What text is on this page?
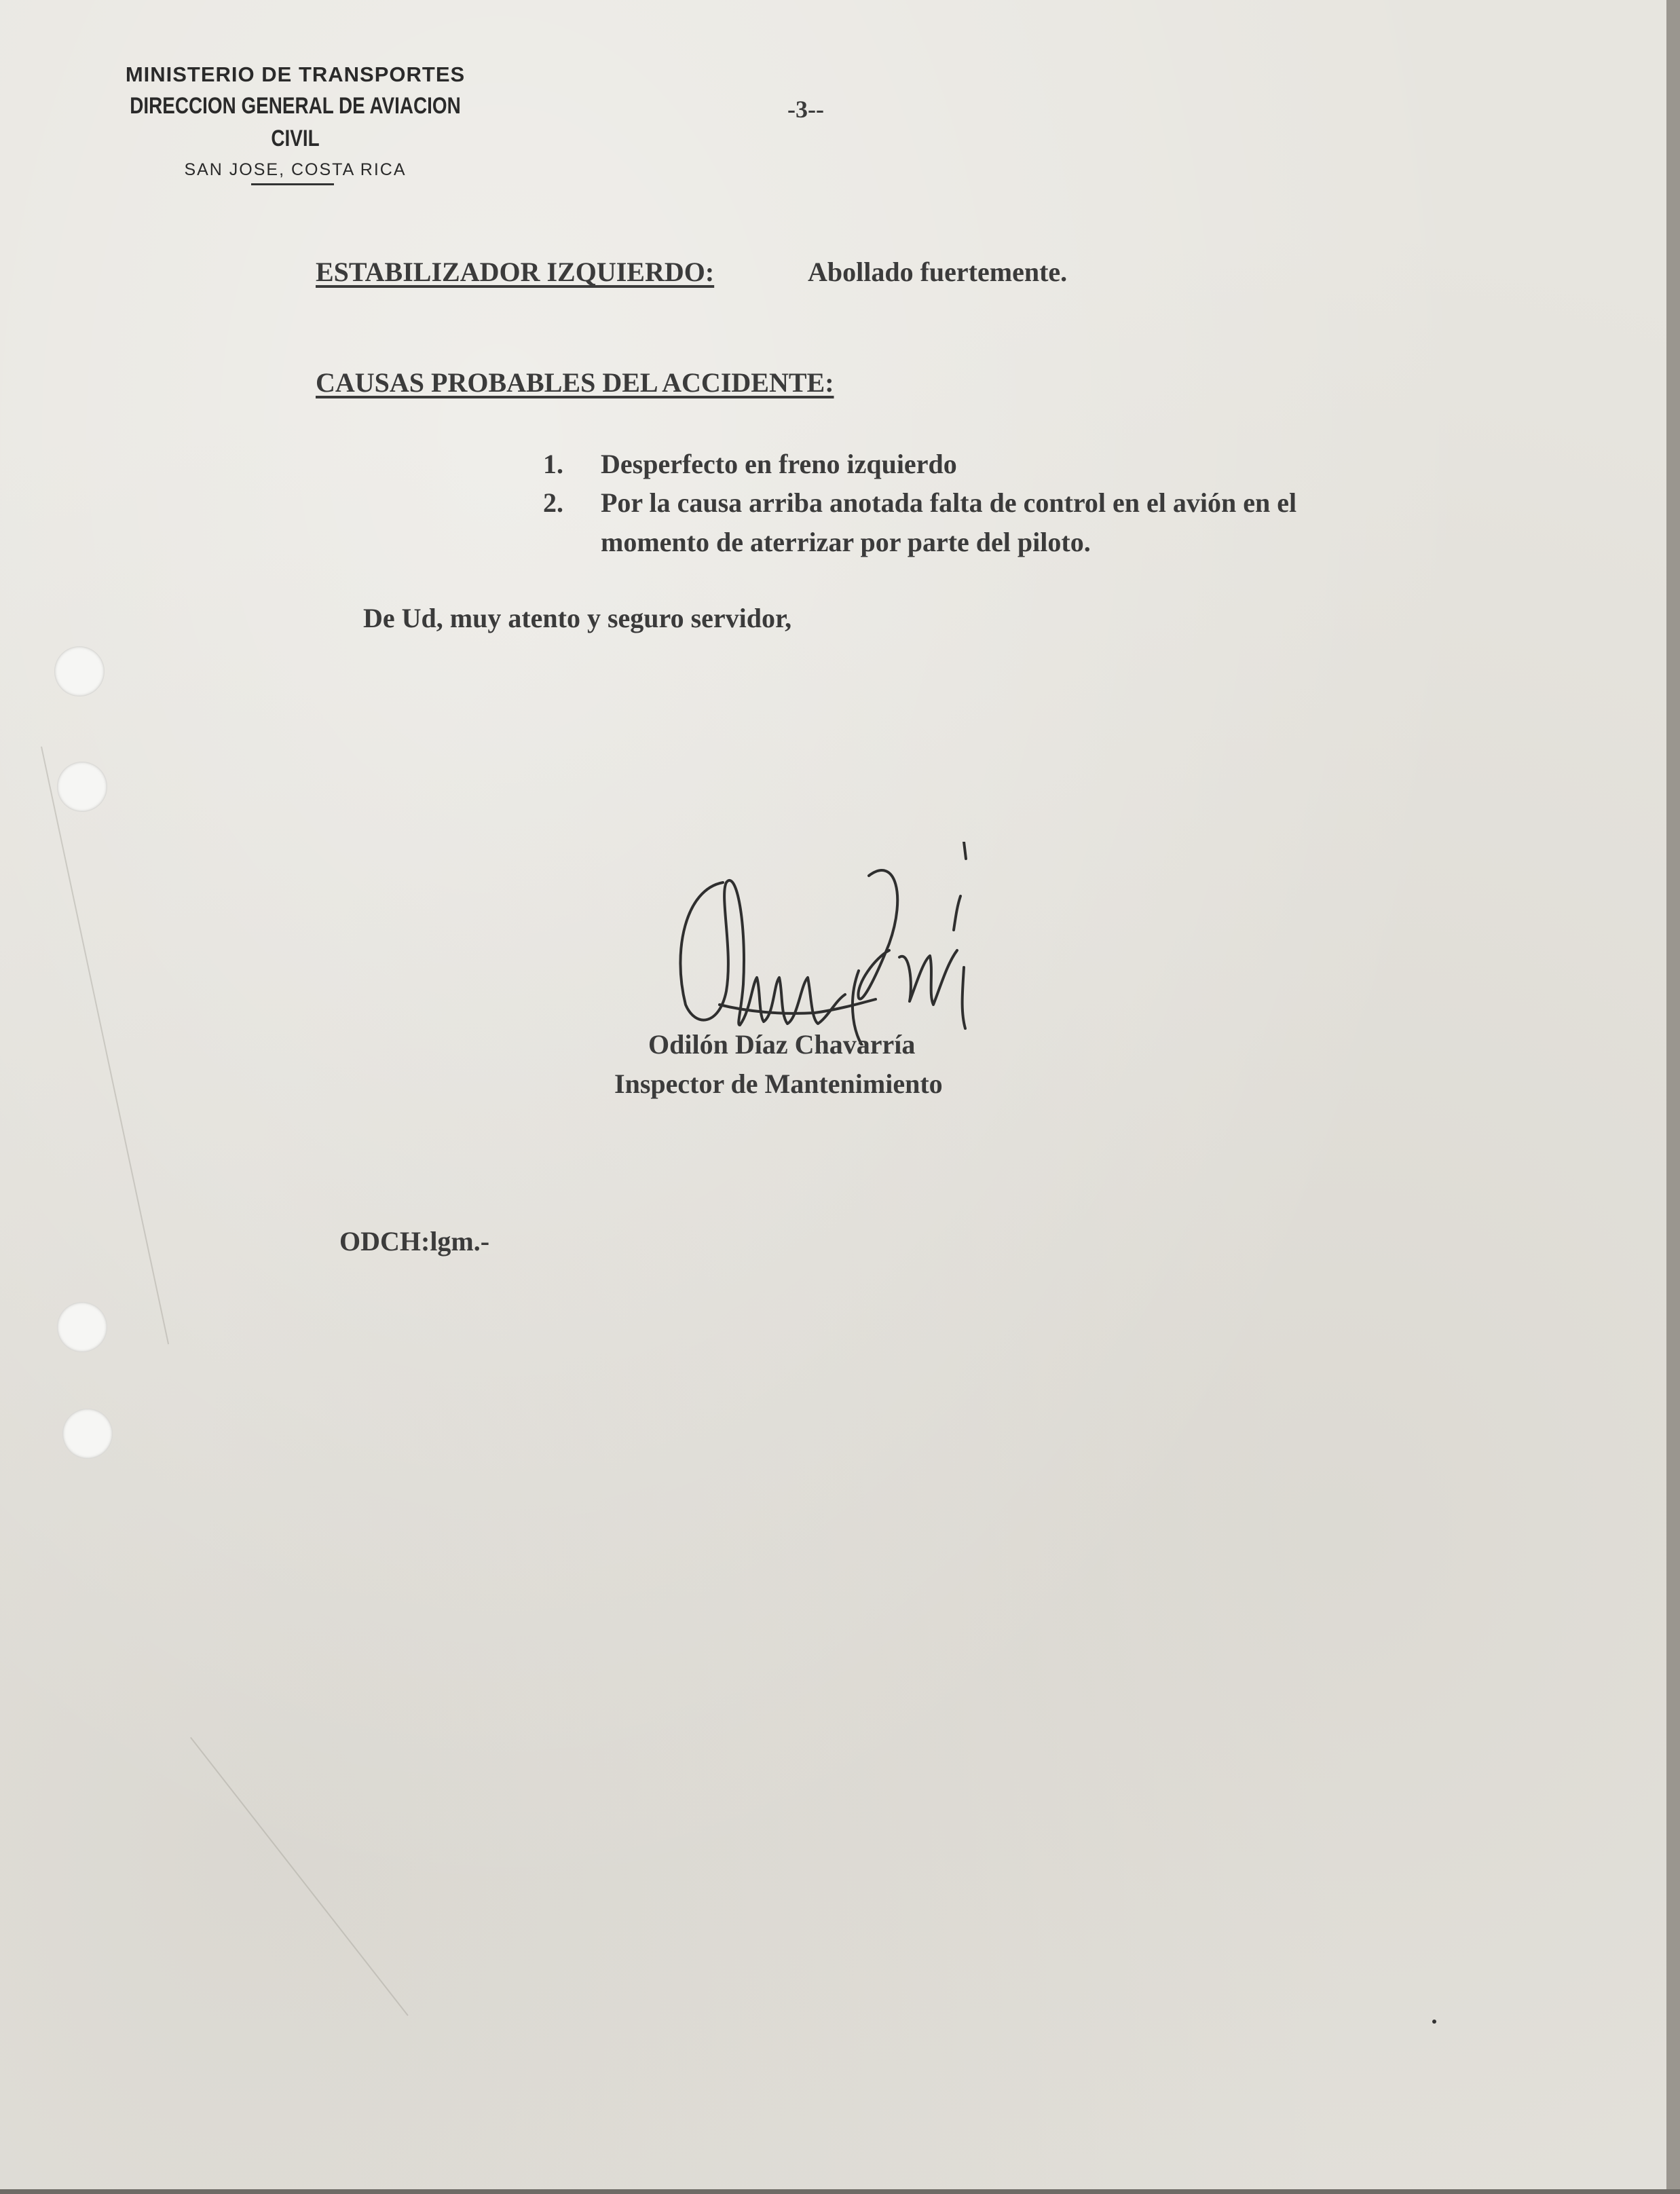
MINISTERIO DE TRANSPORTES
DIRECCION GENERAL DE AVIACION CIVIL
SAN JOSE, COSTA RICA
-3--
ESTABILIZADOR IZQUIERDO:	Abollado fuertemente.
CAUSAS PROBABLES DEL ACCIDENTE:
1. Desperfecto en freno izquierdo
2. Por la causa arriba anotada falta de control en el avión en el
momento de aterrizar por parte del piloto.
De Ud, muy atento y seguro servidor,
Odilón Díaz Chavarría
Inspector de Mantenimiento
ODCH:lgm.-
